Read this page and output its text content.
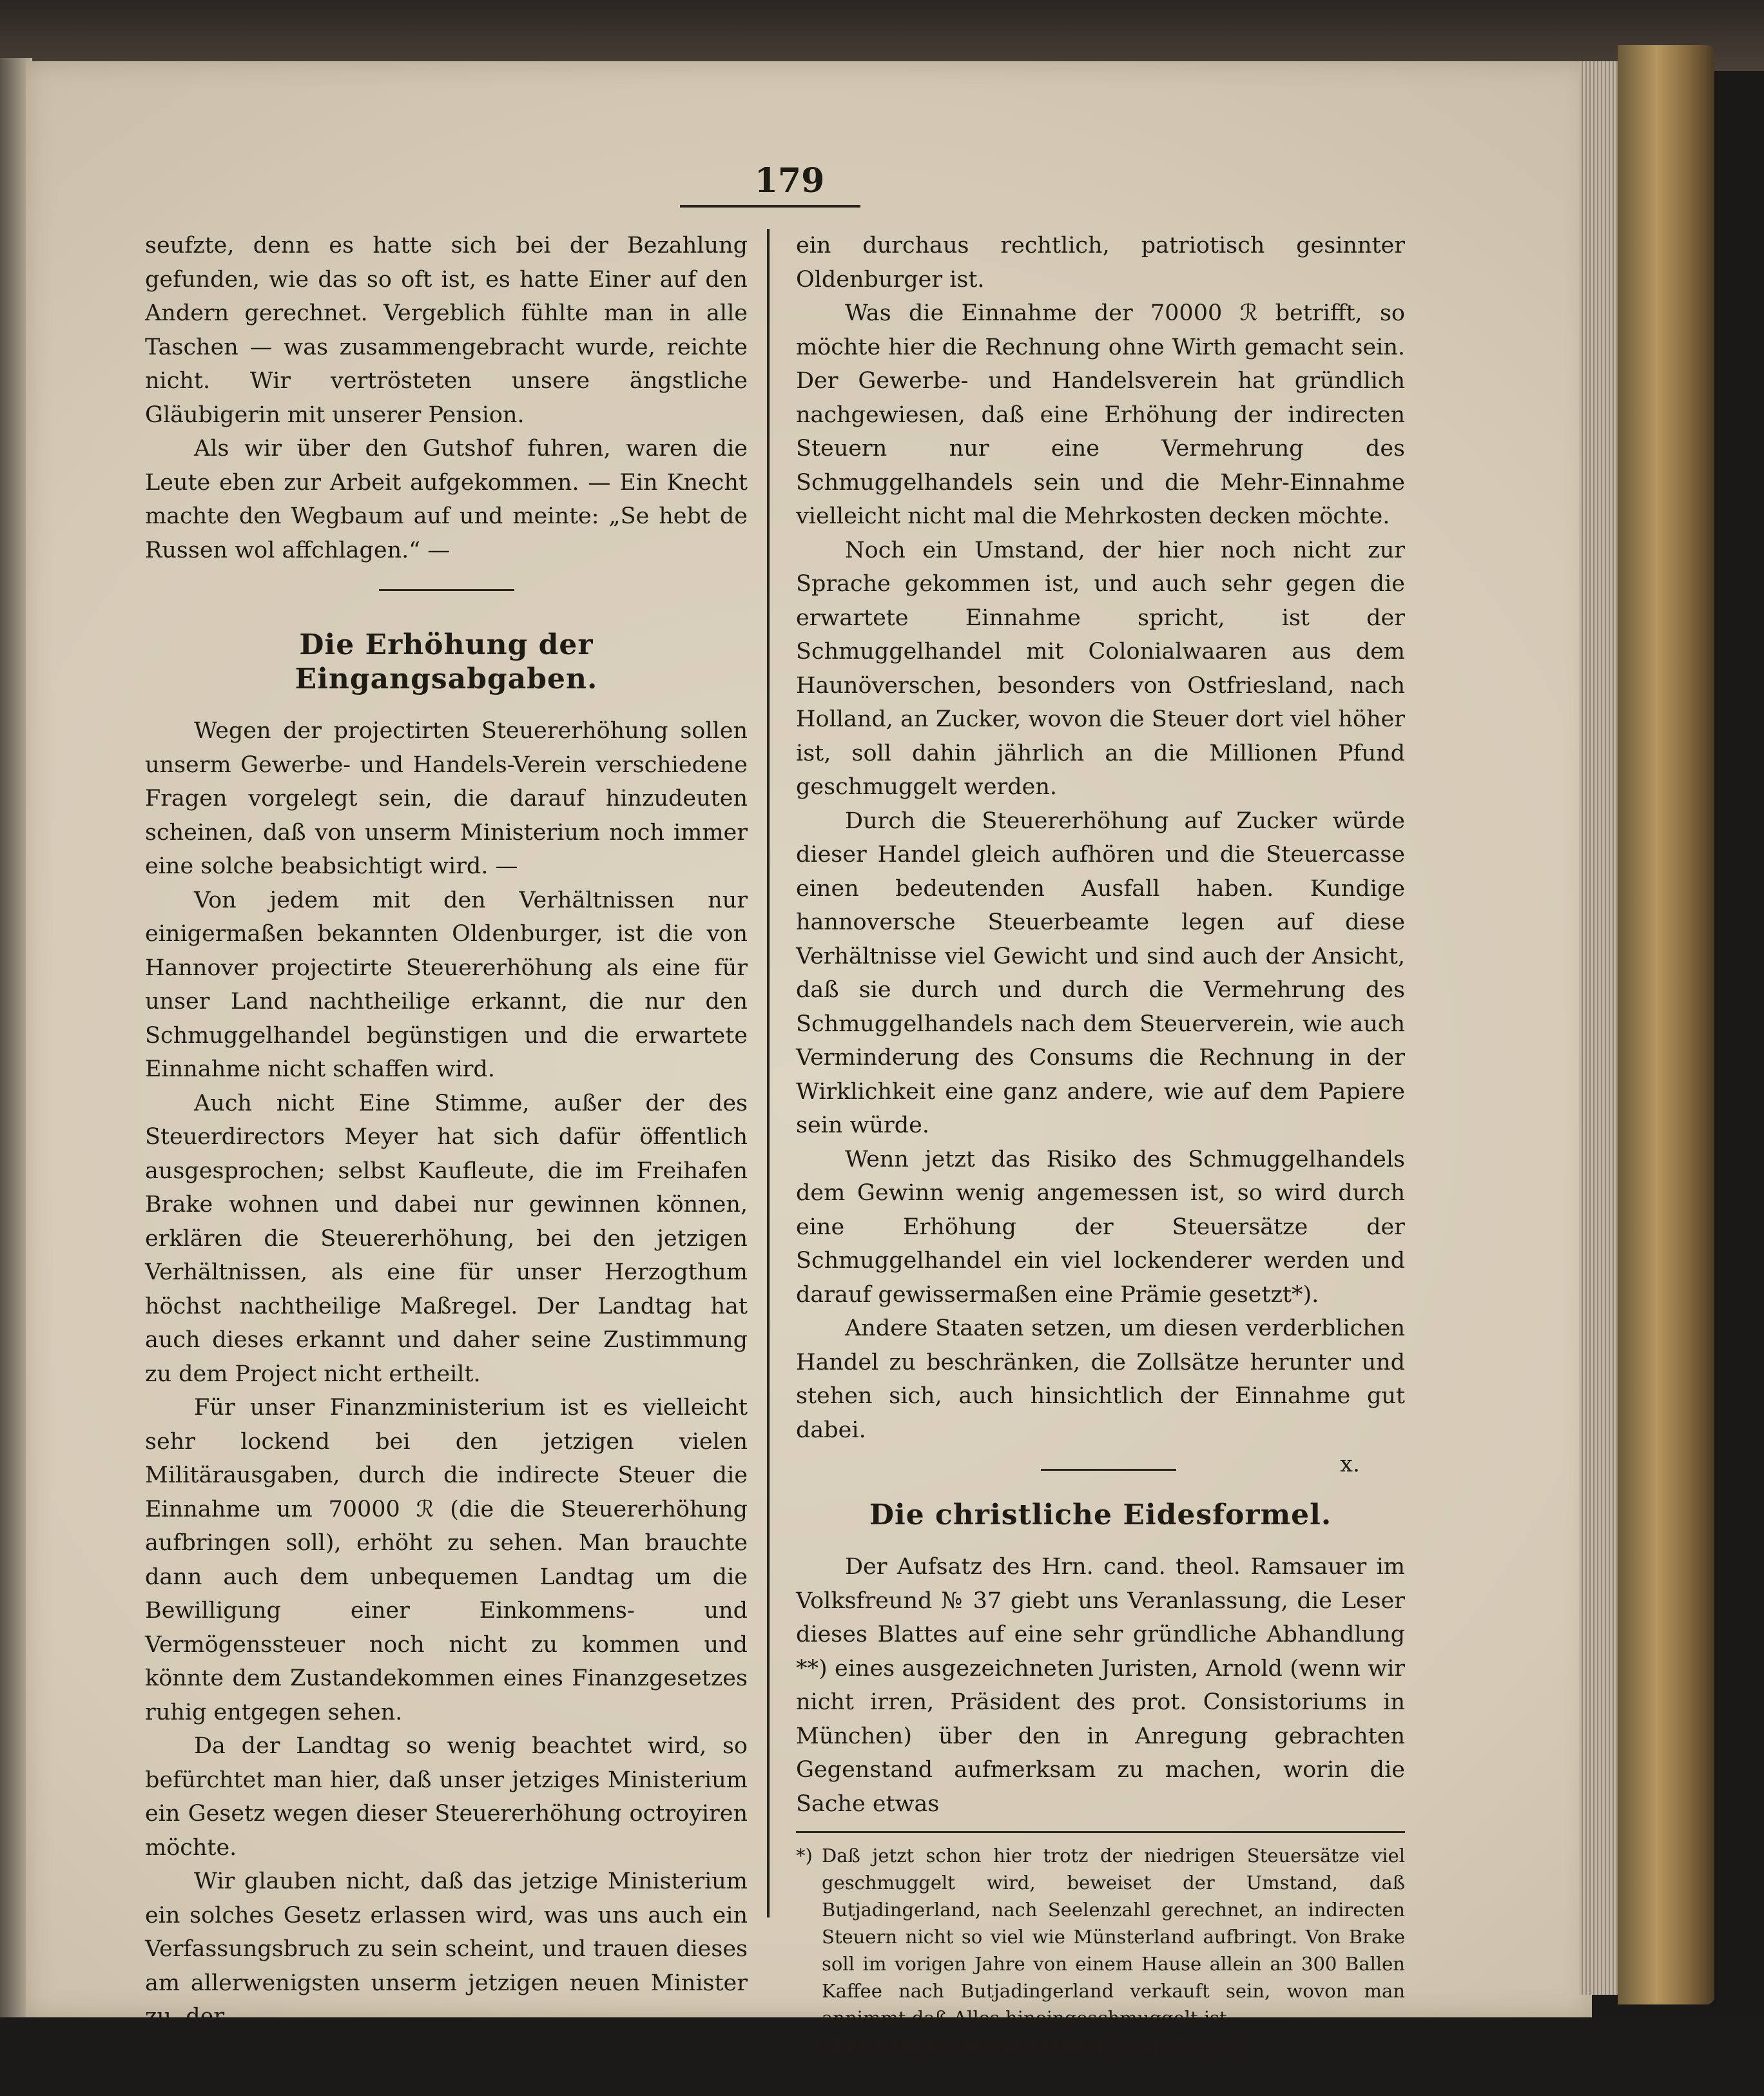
179

seufzte, denn es hatte sich bei der Bezahlung gefunden, wie das so oft ist, es hatte Einer auf den Andern gerechnet. Vergeblich fühlte man in alle Taschen — was zusammengebracht wurde, reichte nicht. Wir vertrösteten unsere ängstliche Gläubigerin mit unserer Pension.

Als wir über den Gutshof fuhren, waren die Leute eben zur Arbeit aufgekommen. — Ein Knecht machte den Wegbaum auf und meinte: „Se hebt de Russen wol affchlagen.“ —

Die Erhöhung der Eingangsabgaben.

Wegen der projectirten Steuererhöhung sollen unserm Gewerbe- und Handels-Verein verschiedene Fragen vorgelegt sein, die darauf hinzudeuten scheinen, daß von unserm Ministerium noch immer eine solche beabsichtigt wird. —

Von jedem mit den Verhältnissen nur einigermaßen bekannten Oldenburger, ist die von Hannover projectirte Steuererhöhung als eine für unser Land nachtheilige erkannt, die nur den Schmuggelhandel begünstigen und die erwartete Einnahme nicht schaffen wird.

Auch nicht Eine Stimme, außer der des Steuerdirectors Meyer hat sich dafür öffentlich ausgesprochen; selbst Kaufleute, die im Freihafen Brake wohnen und dabei nur gewinnen können, erklären die Steuererhöhung, bei den jetzigen Verhältnissen, als eine für unser Herzogthum höchst nachtheilige Maßregel. Der Landtag hat auch dieses erkannt und daher seine Zustimmung zu dem Project nicht ertheilt.

Für unser Finanzministerium ist es vielleicht sehr lockend bei den jetzigen vielen Militärausgaben, durch die indirecte Steuer die Einnahme um 70000 ℛ (die die Steuererhöhung aufbringen soll), erhöht zu sehen. Man brauchte dann auch dem unbequemen Landtag um die Bewilligung einer Einkommens- und Vermögenssteuer noch nicht zu kommen und könnte dem Zustandekommen eines Finanzgesetzes ruhig entgegen sehen.

Da der Landtag so wenig beachtet wird, so befürchtet man hier, daß unser jetziges Ministerium ein Gesetz wegen dieser Steuererhöhung octroyiren möchte.

Wir glauben nicht, daß das jetzige Ministerium ein solches Gesetz erlassen wird, was uns auch ein Verfassungsbruch zu sein scheint, und trauen dieses am allerwenigsten unserm jetzigen neuen Minister zu, der

ein durchaus rechtlich, patriotisch gesinnter Oldenburger ist.

Was die Einnahme der 70000 ℛ betrifft, so möchte hier die Rechnung ohne Wirth gemacht sein. Der Gewerbe- und Handelsverein hat gründlich nachgewiesen, daß eine Erhöhung der indirecten Steuern nur eine Vermehrung des Schmuggelhandels sein und die Mehr-Einnahme vielleicht nicht mal die Mehrkosten decken möchte.

Noch ein Umstand, der hier noch nicht zur Sprache gekommen ist, und auch sehr gegen die erwartete Einnahme spricht, ist der Schmuggelhandel mit Colonialwaaren aus dem Haunöverschen, besonders von Ostfriesland, nach Holland, an Zucker, wovon die Steuer dort viel höher ist, soll dahin jährlich an die Millionen Pfund geschmuggelt werden.

Durch die Steuererhöhung auf Zucker würde dieser Handel gleich aufhören und die Steuercasse einen bedeutenden Ausfall haben. Kundige hannoversche Steuerbeamte legen auf diese Verhältnisse viel Gewicht und sind auch der Ansicht, daß sie durch und durch die Vermehrung des Schmuggelhandels nach dem Steuerverein, wie auch Verminderung des Consums die Rechnung in der Wirklichkeit eine ganz andere, wie auf dem Papiere sein würde.

Wenn jetzt das Risiko des Schmuggelhandels dem Gewinn wenig angemessen ist, so wird durch eine Erhöhung der Steuersätze der Schmuggelhandel ein viel lockenderer werden und darauf gewissermaßen eine Prämie gesetzt*).

Andere Staaten setzen, um diesen verderblichen Handel zu beschränken, die Zollsätze herunter und stehen sich, auch hinsichtlich der Einnahme gut dabei.

x.

Die christliche Eidesformel.

Der Aufsatz des Hrn. cand. theol. Ramsauer im Volksfreund № 37 giebt uns Veranlassung, die Leser dieses Blattes auf eine sehr gründliche Abhandlung **) eines ausgezeichneten Juristen, Arnold (wenn wir nicht irren, Präsident des prot. Consistoriums in München) über den in Anregung gebrachten Gegenstand aufmerksam zu machen, worin die Sache etwas

*) Daß jetzt schon hier trotz der niedrigen Steuersätze viel geschmuggelt wird, beweiset der Umstand, daß Butjadingerland, nach Seelenzahl gerechnet, an indirecten Steuern nicht so viel wie Münsterland aufbringt. Von Brake soll im vorigen Jahre von einem Hause allein an 300 Ballen Kaffee nach Butjadingerland verkauft sein, wovon man annimmt daß Alles hineingeschmuggelt ist.

**)Blätter für Rechtsanwendung, 1851, № 7, 8.
